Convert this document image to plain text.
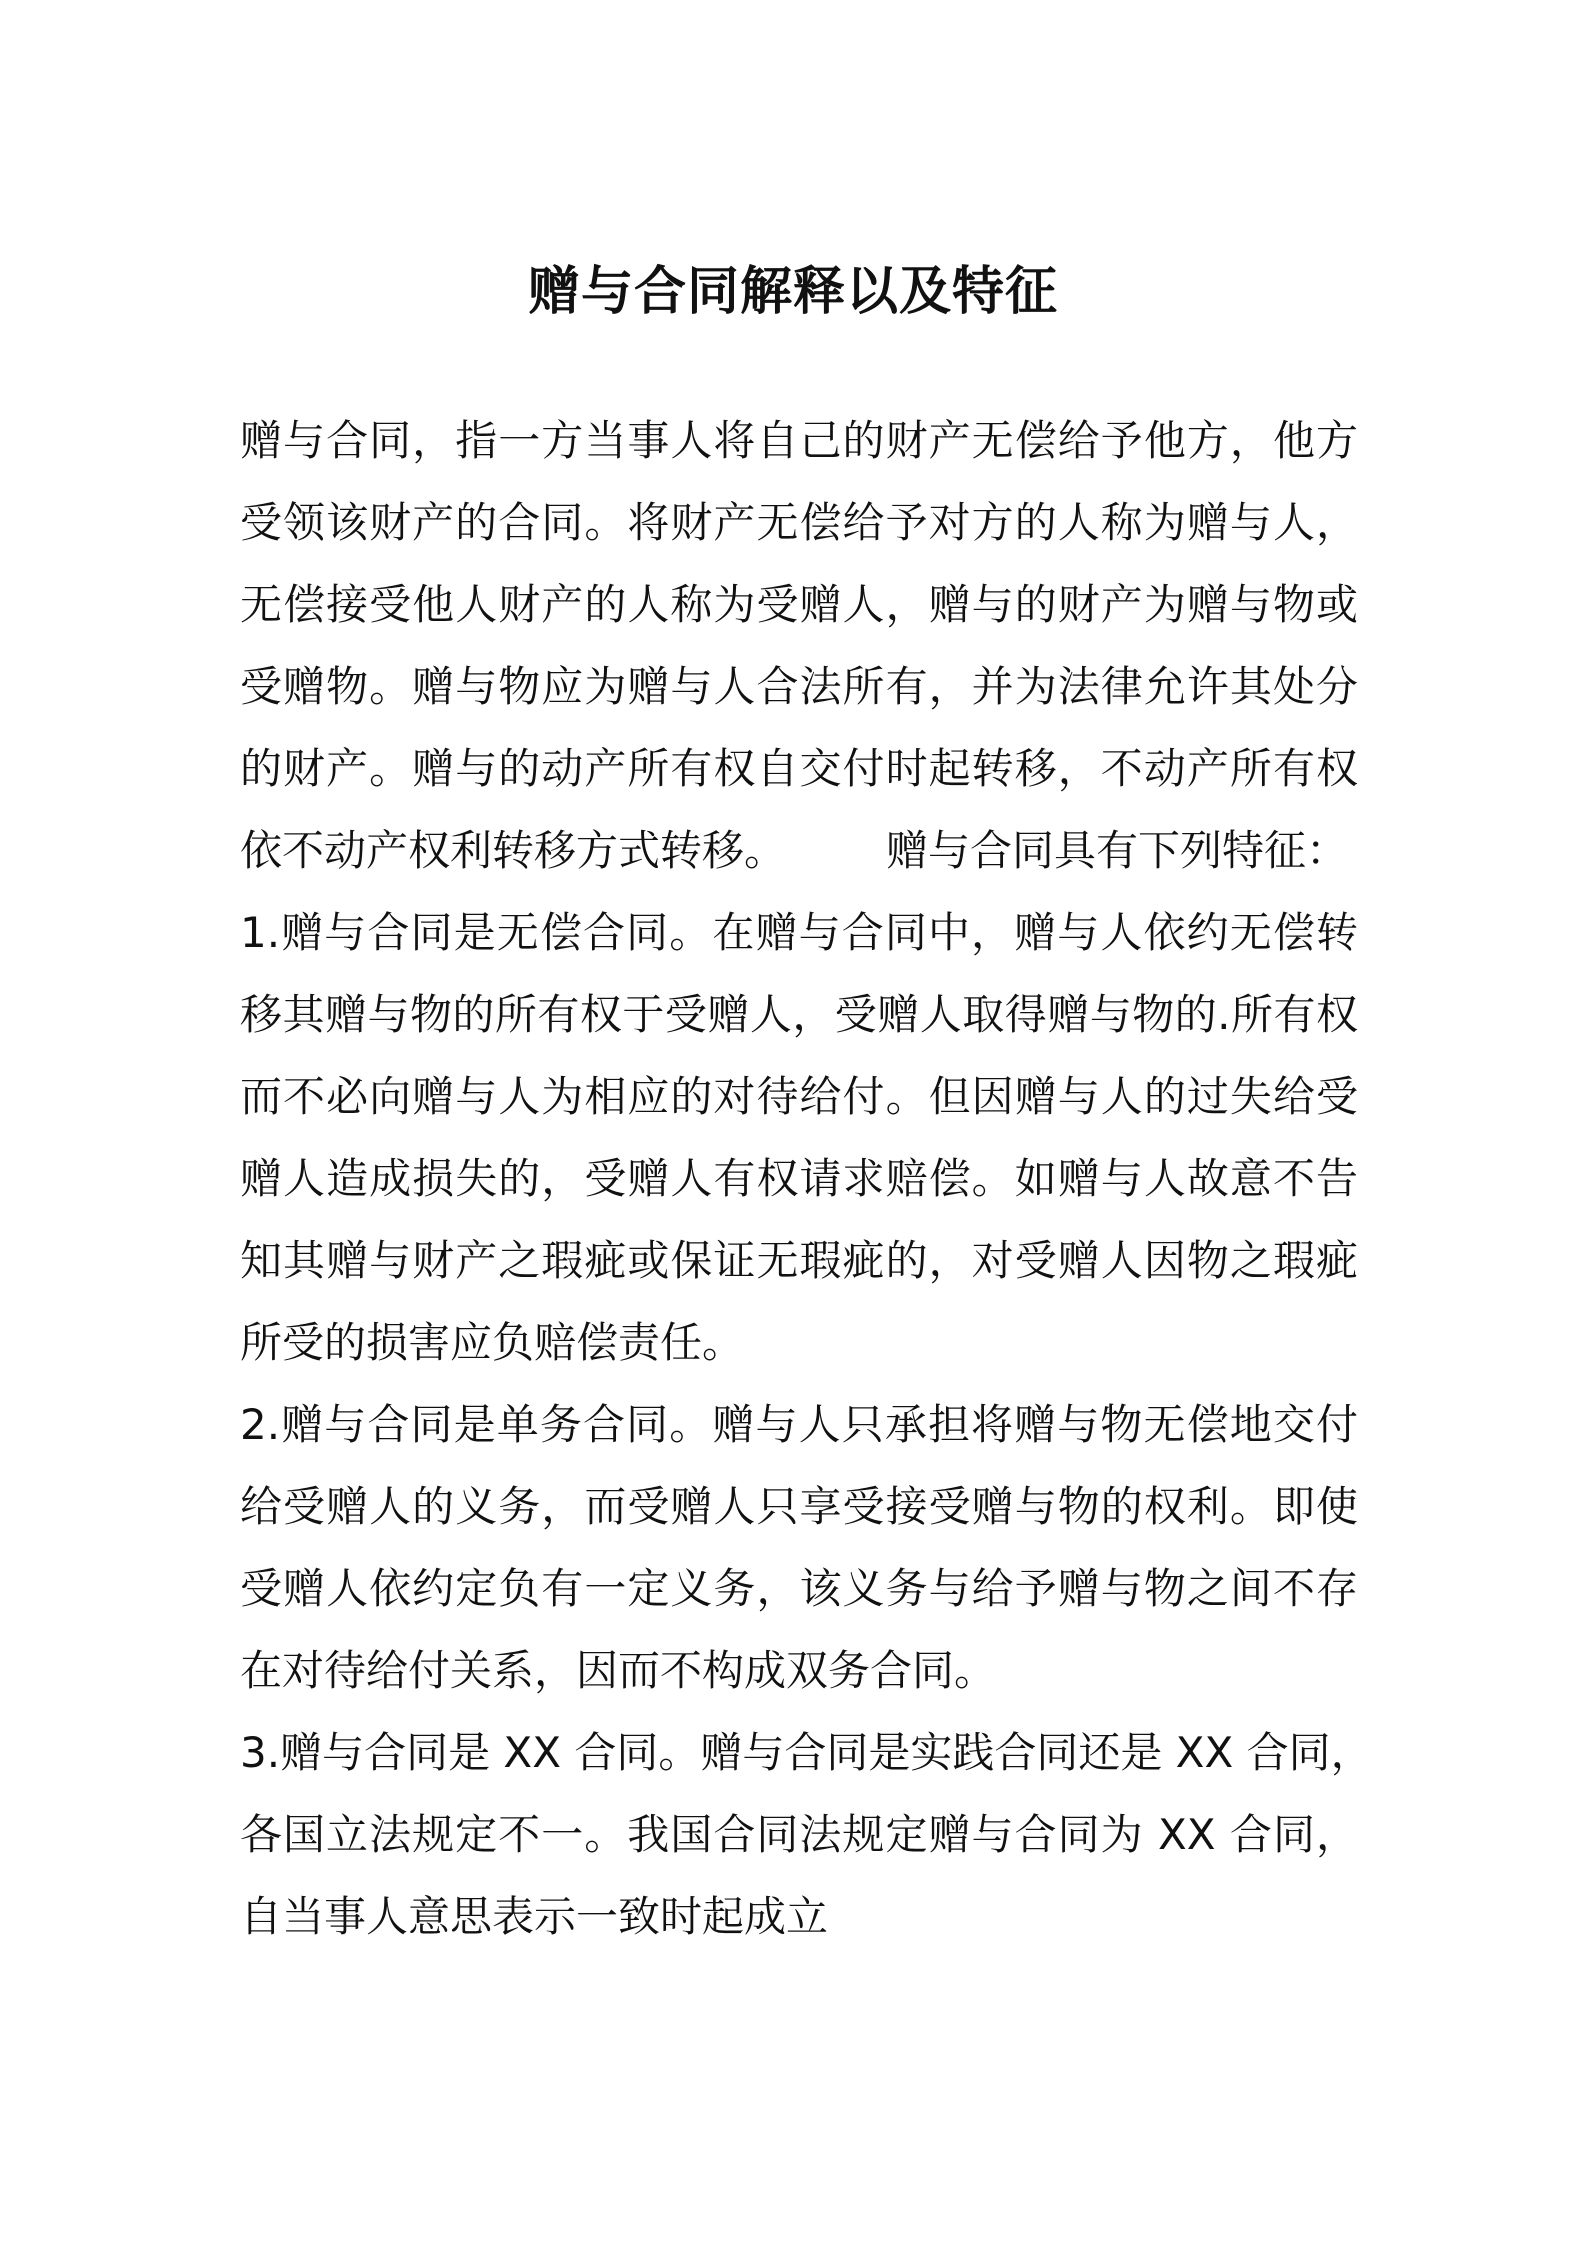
赠与合同解释以及特征
赠与合同，指一方当事人将自己的财产无偿给予他方，他方
受领该财产的合同。将财产无偿给予对方的人称为赠与人，
无偿接受他人财产的人称为受赠人，赠与的财产为赠与物或
受赠物。赠与物应为赠与人合法所有，并为法律允许其处分
的财产。赠与的动产所有权自交付时起转移，不动产所有权
依不动产权利转移方式转移。 赠与合同具有下列特征：
1.赠与合同是无偿合同。在赠与合同中，赠与人依约无偿转
移其赠与物的所有权于受赠人，受赠人取得赠与物的.所有权
而不必向赠与人为相应的对待给付。但因赠与人的过失给受
赠人造成损失的，受赠人有权请求赔偿。如赠与人故意不告
知其赠与财产之瑕疵或保证无瑕疵的，对受赠人因物之瑕疵
所受的损害应负赔偿责任。
2.赠与合同是单务合同。赠与人只承担将赠与物无偿地交付
给受赠人的义务，而受赠人只享受接受赠与物的权利。即使
受赠人依约定负有一定义务，该义务与给予赠与物之间不存
在对待给付关系，因而不构成双务合同。
3.赠与合同是 XX 合同。赠与合同是实践合同还是 XX 合同，
各国立法规定不一。我国合同法规定赠与合同为 XX 合同，
自当事人意思表示一致时起成立
